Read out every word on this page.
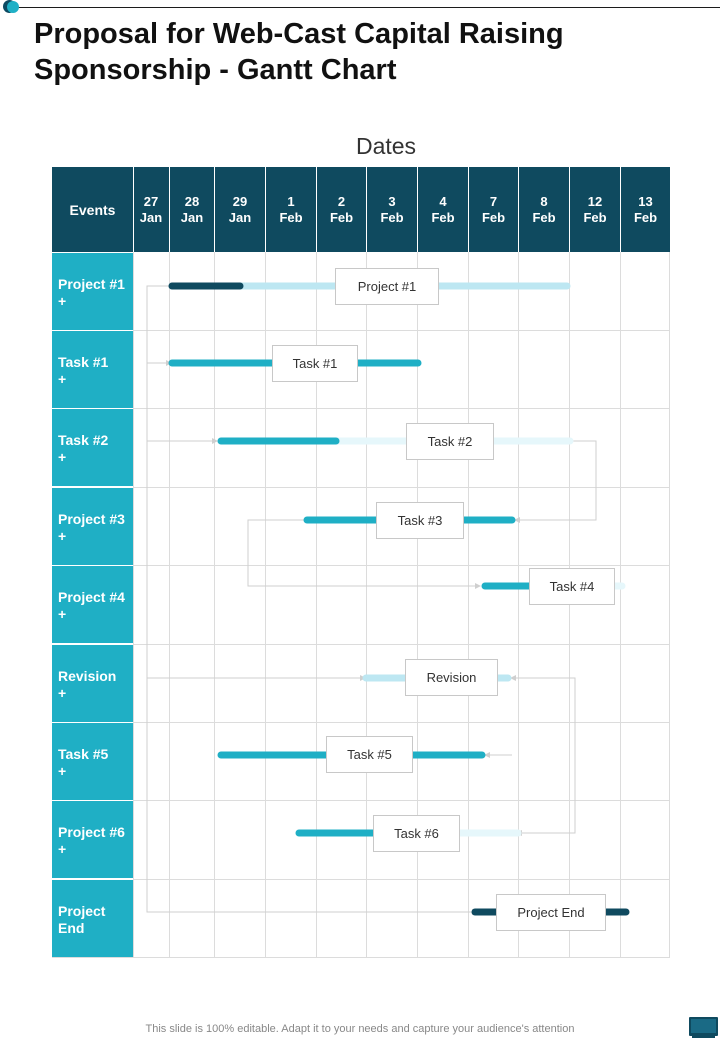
Proposal for Web-Cast Capital Raising Sponsorship - Gantt Chart
Dates
Events
27
Jan
28
Jan
29
Jan
1
Feb
2
Feb
3
Feb
4
Feb
7
Feb
8
Feb
12
Feb
13
Feb
Project #1
+
Task #1
+
Task #2
+
Project #3
+
Project #4
+
Revision
+
Task #5
+
Project #6
+
Project
End
Project #1
Task #1
Task #2
Task #3
Task #4
Revision
Task #5
Task #6
Project End
This slide is 100% editable. Adapt it to your needs and capture your audience's attention
